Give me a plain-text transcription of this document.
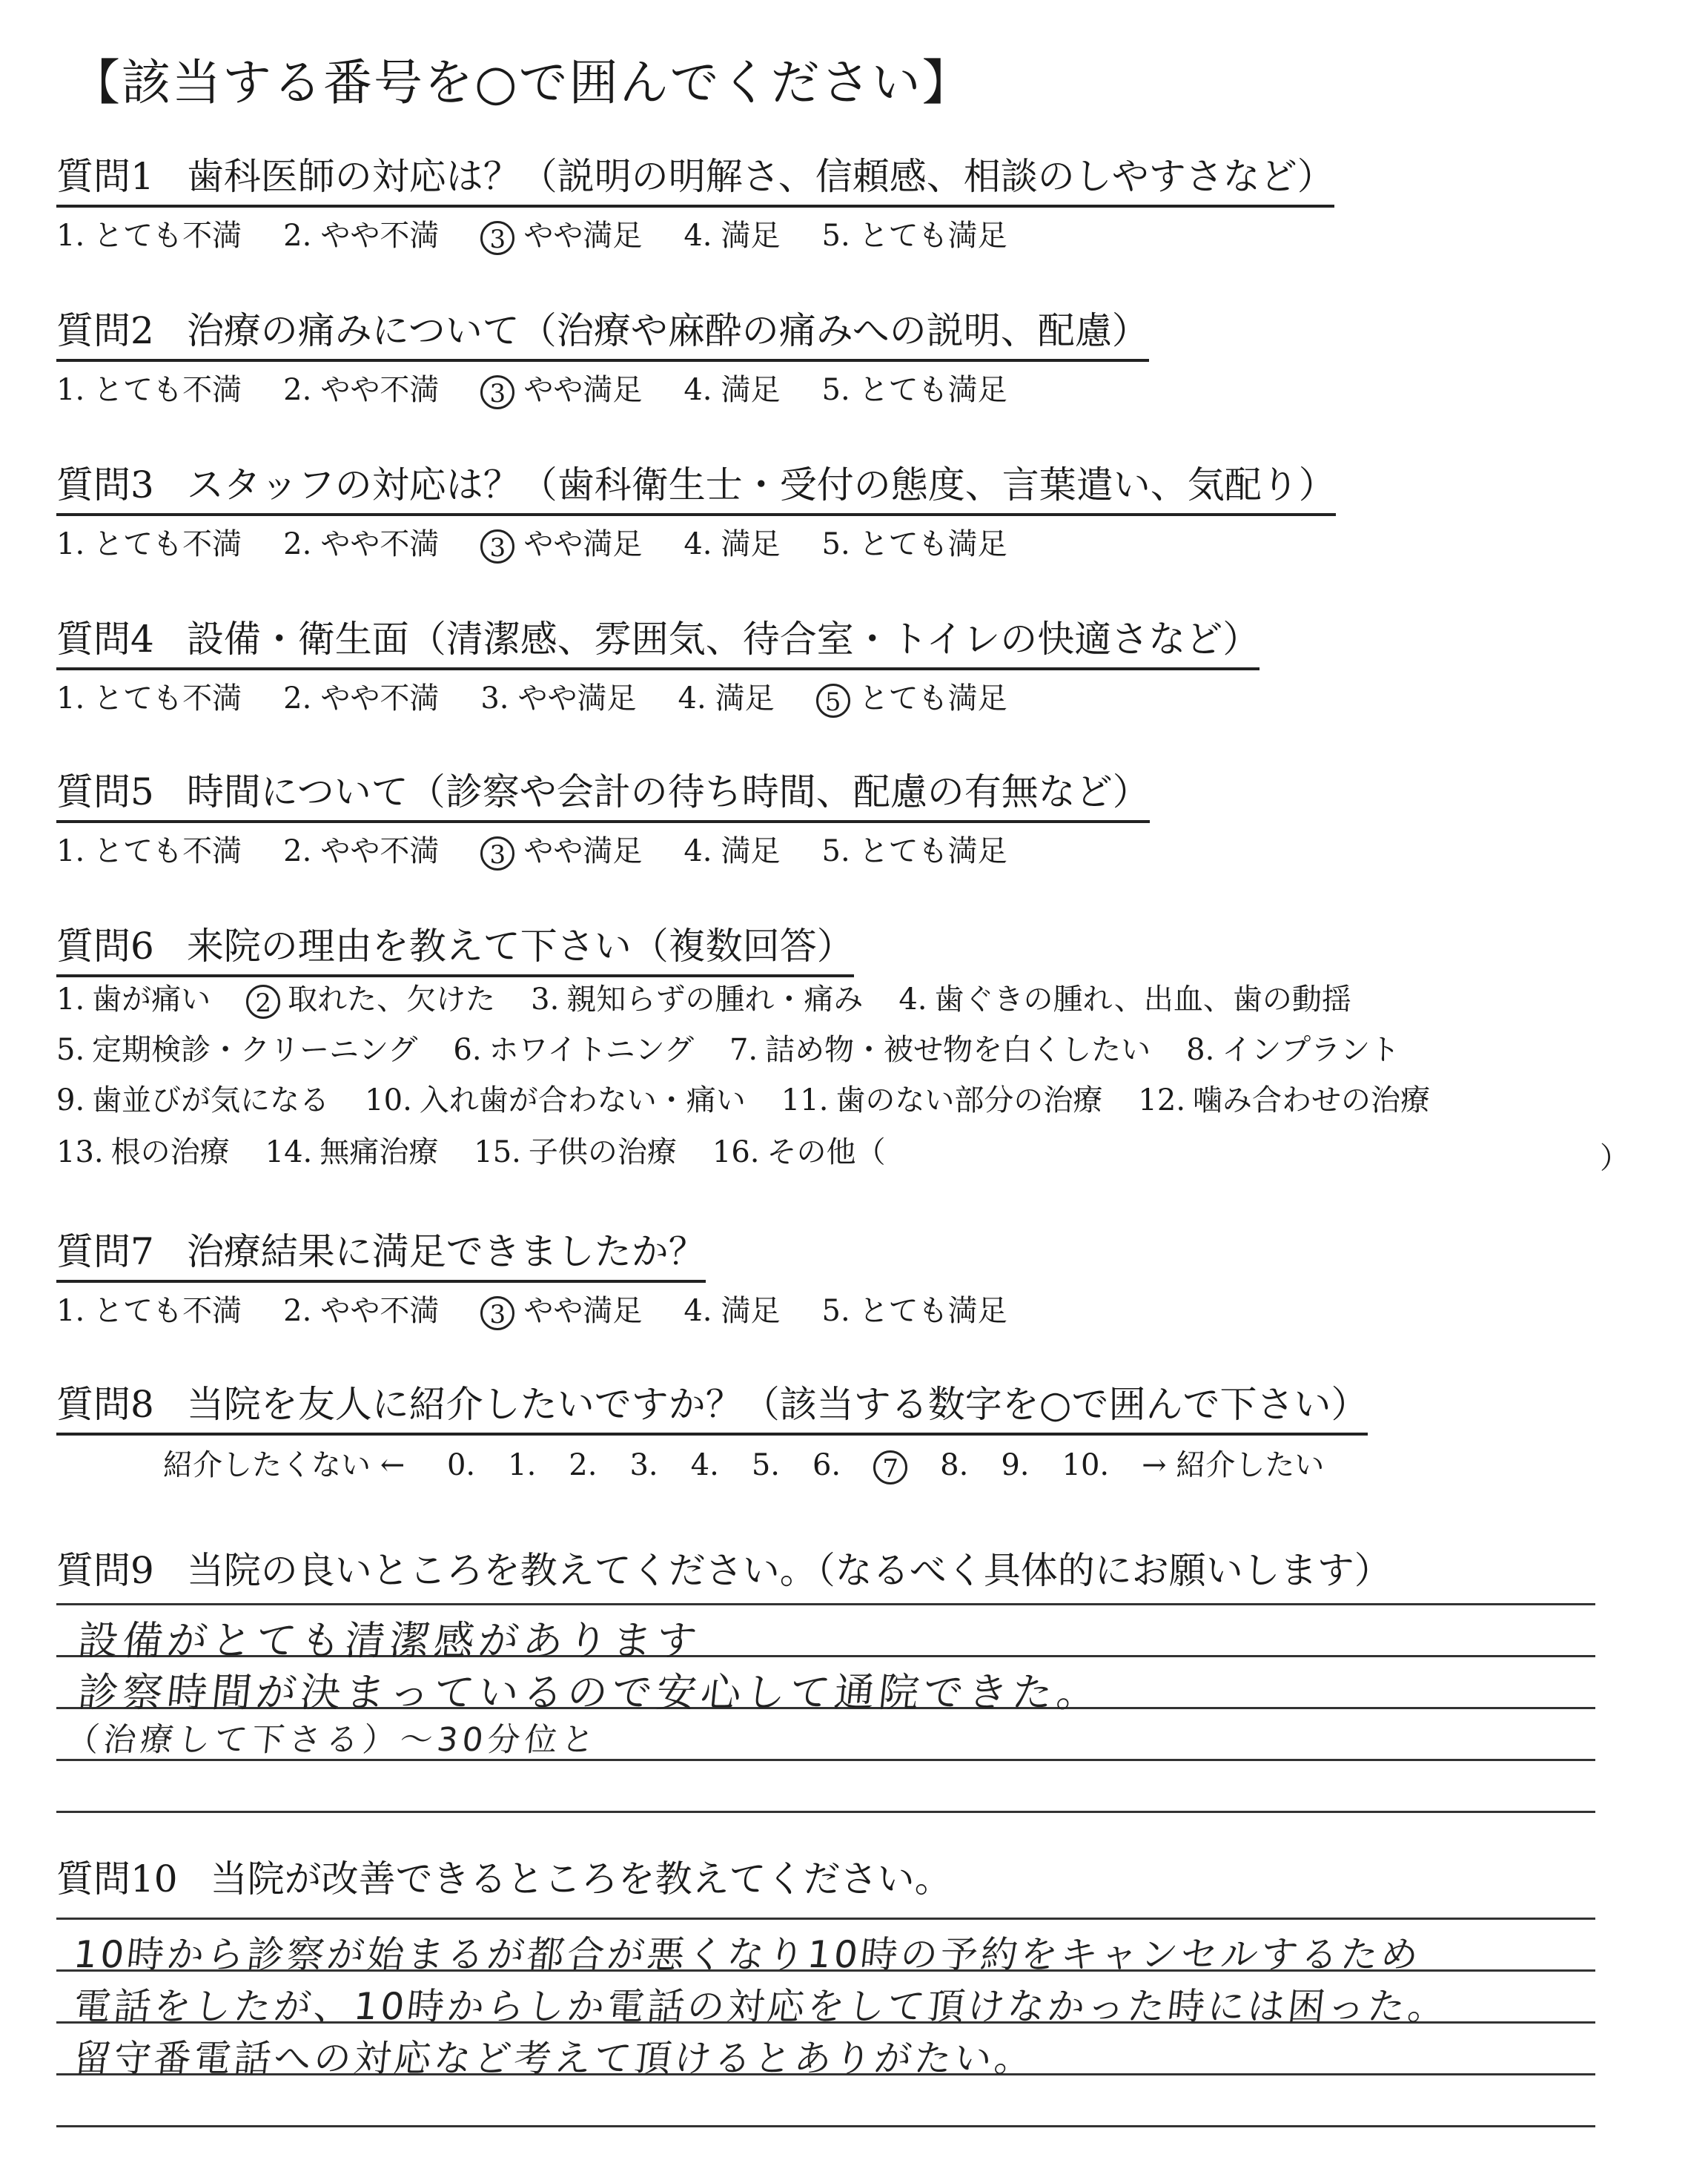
【該当する番号を○で囲んでください】
質問1 歯科医師の対応は？（説明の明解さ、信頼感、相談のしやすさなど）
1. とても不満 2. やや不満 3 やや満足 4. 満足 5. とても満足
質問2 治療の痛みについて（治療や麻酔の痛みへの説明、配慮）
1. とても不満 2. やや不満 3 やや満足 4. 満足 5. とても満足
質問3 スタッフの対応は？（歯科衛生士・受付の態度、言葉遣い、気配り）
1. とても不満 2. やや不満 3 やや満足 4. 満足 5. とても満足
質問4 設備・衛生面（清潔感、雰囲気、待合室・トイレの快適さなど）
1. とても不満 2. やや不満 3. やや満足 4. 満足 5 とても満足
質問5 時間について（診察や会計の待ち時間、配慮の有無など）
1. とても不満 2. やや不満 3 やや満足 4. 満足 5. とても満足
質問6 来院の理由を教えて下さい（複数回答）
1. 歯が痛い 2 取れた、欠けた 3. 親知らずの腫れ・痛み 4. 歯ぐきの腫れ、出血、歯の動揺
5. 定期検診・クリーニング 6. ホワイトニング 7. 詰め物・被せ物を白くしたい 8. インプラント
9. 歯並びが気になる 10. 入れ歯が合わない・痛い 11. 歯のない部分の治療 12. 噛み合わせの治療
13. 根の治療 14. 無痛治療 15. 子供の治療 16. その他（	）
質問7 治療結果に満足できましたか？
1. とても不満 2. やや不満 3 やや満足 4. 満足 5. とても満足
質問8 当院を友人に紹介したいですか？（該当する数字を○で囲んで下さい）
紹介したくない ← 0. 1. 2. 3. 4. 5. 6. 7 8. 9. 10. → 紹介したい
質問9 当院の良いところを教えてください。（なるべく具体的にお願いします）
設備がとても清潔感があります
診察時間が決まっているので安心して通院できた。
（治療して下さる）〜30分位と
質問10 当院が改善できるところを教えてください。
10時から診察が始まるが都合が悪くなり10時の予約をキャンセルするため
電話をしたが、10時からしか電話の対応をして頂けなかった時には困った。
留守番電話への対応など考えて頂けるとありがたい。
